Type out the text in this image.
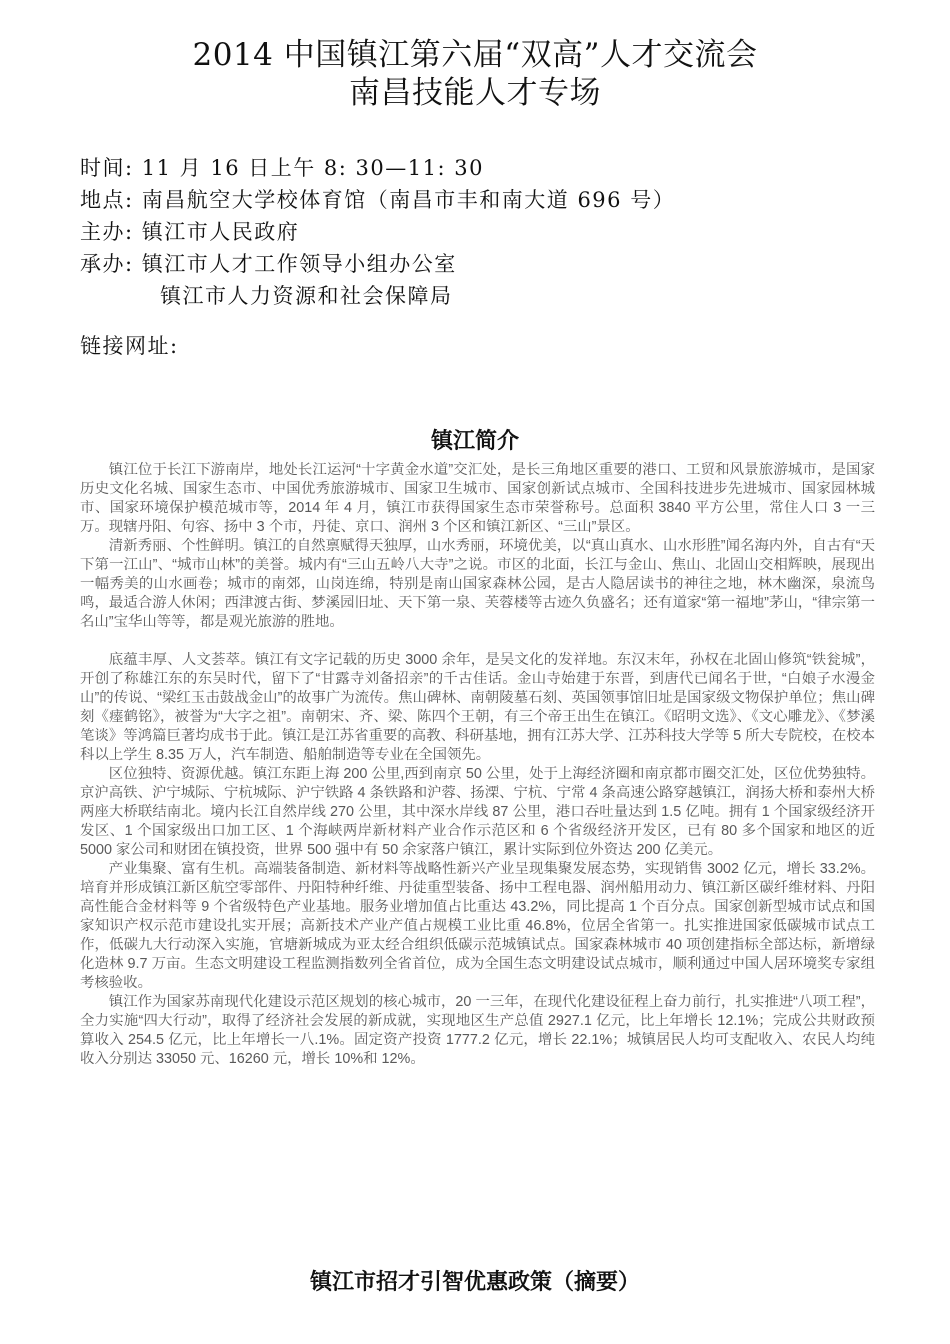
2014 中国镇江第六届“双高”人才交流会
南昌技能人才专场
时间: 11 月 16 日上午 8: 30—11: 30
地点: 南昌航空大学校体育馆（南昌市丰和南大道 696 号）
主办: 镇江市人民政府
承办: 镇江市人才工作领导小组办公室
镇江市人力资源和社会保障局
链接网址:
镇江简介

镇江位于长江下游南岸，地处长江运河“十字黄金水道”交汇处，是长三角地区重要的港口、工贸和风景旅游城市，是国家历史文化名城、国家生态市、中国优秀旅游城市、国家卫生城市、国家创新试点城市、全国科技进步先进城市、国家园林城市、国家环境保护模范城市等，2014 年 4 月，镇江市获得国家生态市荣誉称号。总面积 3840 平方公里，常住人口 3 一三万。现辖丹阳、句容、扬中 3 个市，丹徒、京口、润州 3 个区和镇江新区、“三山”景区。

清新秀丽、个性鲜明。镇江的自然禀赋得天独厚，山水秀丽，环境优美，以“真山真水、山水形胜”闻名海内外，自古有“天下第一江山”、“城市山林”的美誉。城内有“三山五岭八大寺”之说。市区的北面，长江与金山、焦山、北固山交相辉映，展现出一幅秀美的山水画卷；城市的南郊，山岗连绵，特别是南山国家森林公园，是古人隐居读书的神往之地，林木幽深，泉流鸟鸣，最适合游人休闲；西津渡古街、梦溪园旧址、天下第一泉、芙蓉楼等古迹久负盛名；还有道家“第一福地”茅山，“律宗第一名山”宝华山等等，都是观光旅游的胜地。

底蕴丰厚、人文荟萃。镇江有文字记载的历史 3000 余年，是吴文化的发祥地。东汉末年，孙权在北固山修筑“铁瓮城”，开创了称雄江东的东吴时代，留下了“甘露寺刘备招亲”的千古佳话。金山寺始建于东晋，到唐代已闻名于世，“白娘子水漫金山”的传说、“梁红玉击鼓战金山”的故事广为流传。焦山碑林、南朝陵墓石刻、英国领事馆旧址是国家级文物保护单位；焦山碑刻《瘗鹤铭》，被誉为“大字之祖”。南朝宋、齐、梁、陈四个王朝，有三个帝王出生在镇江。《昭明文选》、《文心雕龙》、《梦溪笔谈》等鸿篇巨著均成书于此。镇江是江苏省重要的高教、科研基地，拥有江苏大学、江苏科技大学等 5 所大专院校，在校本科以上学生 8.35 万人，汽车制造、船舶制造等专业在全国领先。

区位独特、资源优越。镇江东距上海 200 公里,西到南京 50 公里，处于上海经济圈和南京都市圈交汇处，区位优势独特。京沪高铁、沪宁城际、宁杭城际、沪宁铁路 4 条铁路和沪蓉、扬溧、宁杭、宁常 4 条高速公路穿越镇江，润扬大桥和泰州大桥两座大桥联结南北。境内长江自然岸线 270 公里，其中深水岸线 87 公里，港口吞吐量达到 1.5 亿吨。拥有 1 个国家级经济开发区、1 个国家级出口加工区、1 个海峡两岸新材料产业合作示范区和 6 个省级经济开发区，已有 80 多个国家和地区的近 5000 家公司和财团在镇投资，世界 500 强中有 50 余家落户镇江，累计实际到位外资达 200 亿美元。

产业集聚、富有生机。高端装备制造、新材料等战略性新兴产业呈现集聚发展态势，实现销售 3002 亿元，增长 33.2%。培育并形成镇江新区航空零部件、丹阳特种纤维、丹徒重型装备、扬中工程电器、润州船用动力、镇江新区碳纤维材料、丹阳高性能合金材料等 9 个省级特色产业基地。服务业增加值占比重达 43.2%，同比提高 1 个百分点。国家创新型城市试点和国家知识产权示范市建设扎实开展；高新技术产业产值占规模工业比重 46.8%，位居全省第一。扎实推进国家低碳城市试点工作，低碳九大行动深入实施，官塘新城成为亚太经合组织低碳示范城镇试点。国家森林城市 40 项创建指标全部达标，新增绿化造林 9.7 万亩。生态文明建设工程监测指数列全省首位，成为全国生态文明建设试点城市，顺利通过中国人居环境奖专家组考核验收。

镇江作为国家苏南现代化建设示范区规划的核心城市，20 一三年，在现代化建设征程上奋力前行，扎实推进“八项工程”，全力实施“四大行动”，取得了经济社会发展的新成就，实现地区生产总值 2927.1 亿元，比上年增长 12.1%；完成公共财政预算收入 254.5 亿元，比上年增长一八.1%。固定资产投资 1777.2 亿元，增长 22.1%；城镇居民人均可支配收入、农民人均纯收入分别达 33050 元、16260 元，增长 10%和 12%。

镇江市招才引智优惠政策（摘要）
